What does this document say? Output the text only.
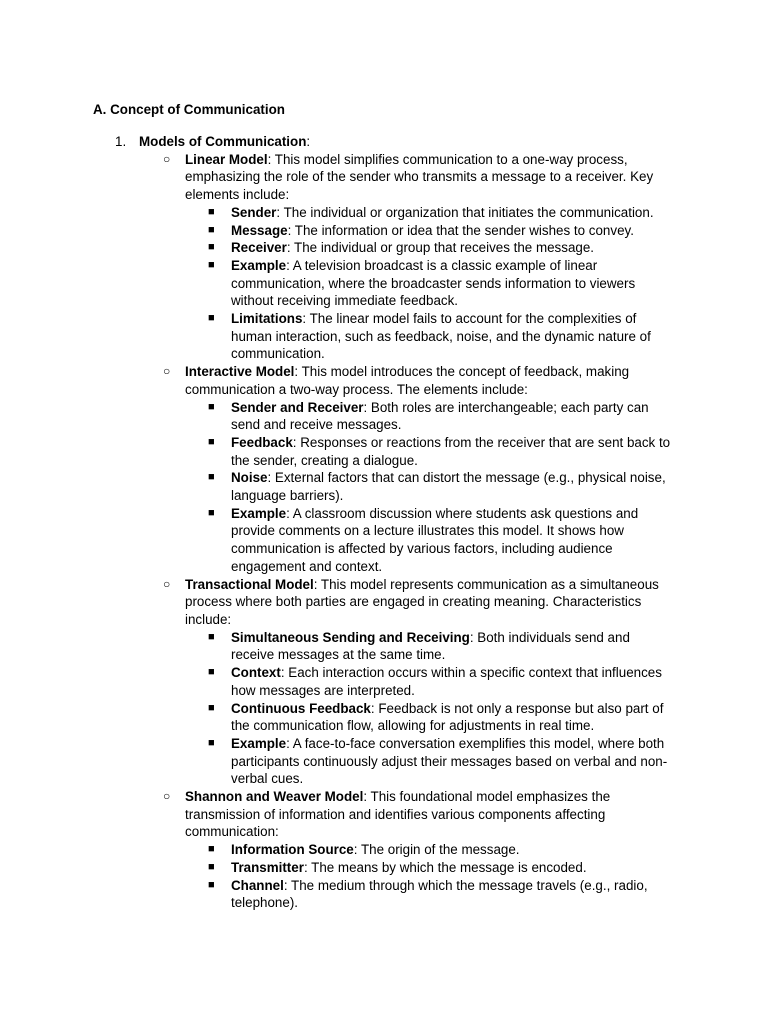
A. Concept of Communication
1. Models of Communication:
○ Linear Model: This model simplifies communication to a one-way process, emphasizing the role of the sender who transmits a message to a receiver. Key elements include:
■ Sender: The individual or organization that initiates the communication.
■ Message: The information or idea that the sender wishes to convey.
■ Receiver: The individual or group that receives the message.
■ Example: A television broadcast is a classic example of linear communication, where the broadcaster sends information to viewers without receiving immediate feedback.
■ Limitations: The linear model fails to account for the complexities of human interaction, such as feedback, noise, and the dynamic nature of communication.
○ Interactive Model: This model introduces the concept of feedback, making communication a two-way process. The elements include:
■ Sender and Receiver: Both roles are interchangeable; each party can send and receive messages.
■ Feedback: Responses or reactions from the receiver that are sent back to the sender, creating a dialogue.
■ Noise: External factors that can distort the message (e.g., physical noise, language barriers).
■ Example: A classroom discussion where students ask questions and provide comments on a lecture illustrates this model. It shows how communication is affected by various factors, including audience engagement and context.
○ Transactional Model: This model represents communication as a simultaneous process where both parties are engaged in creating meaning. Characteristics include:
■ Simultaneous Sending and Receiving: Both individuals send and receive messages at the same time.
■ Context: Each interaction occurs within a specific context that influences how messages are interpreted.
■ Continuous Feedback: Feedback is not only a response but also part of the communication flow, allowing for adjustments in real time.
■ Example: A face-to-face conversation exemplifies this model, where both participants continuously adjust their messages based on verbal and non-verbal cues.
○ Shannon and Weaver Model: This foundational model emphasizes the transmission of information and identifies various components affecting communication:
■ Information Source: The origin of the message.
■ Transmitter: The means by which the message is encoded.
■ Channel: The medium through which the message travels (e.g., radio, telephone).
